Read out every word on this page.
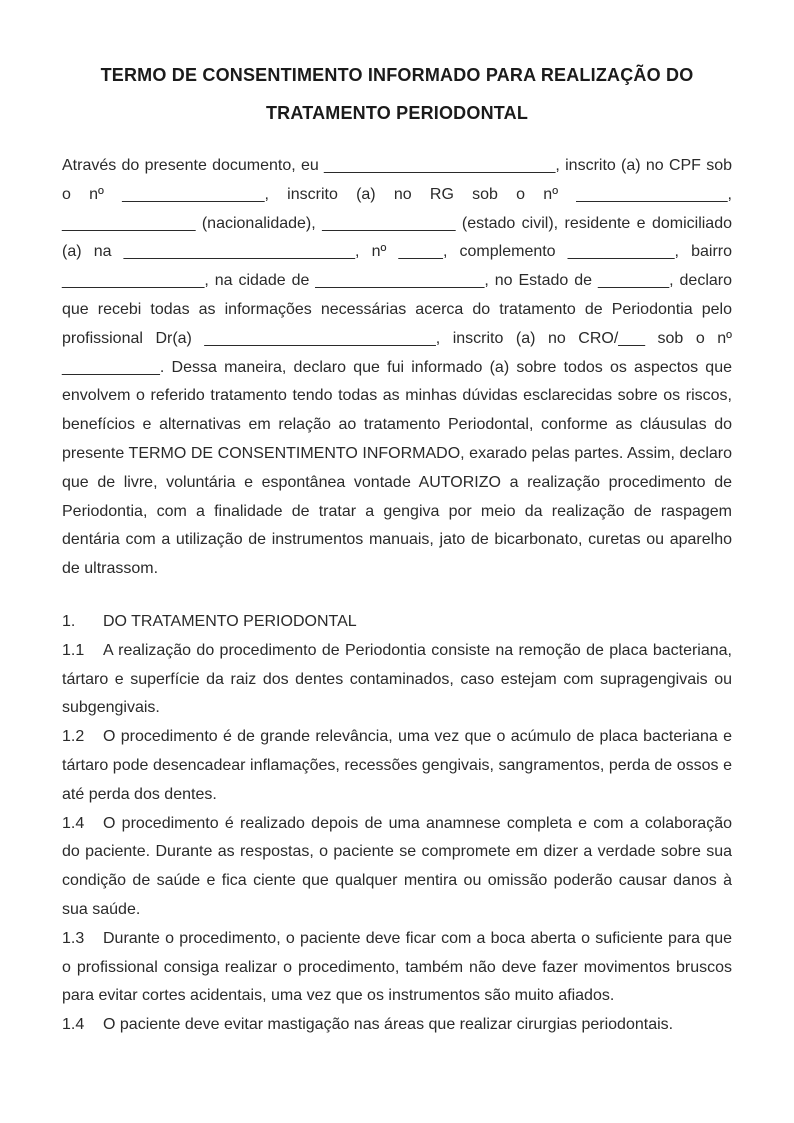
TERMO DE CONSENTIMENTO INFORMADO PARA REALIZAÇÃO DO TRATAMENTO PERIODONTAL

Através do presente documento, eu __________________________, inscrito (a) no CPF sob o nº ________________, inscrito (a) no RG sob o nº _________________, _______________ (nacionalidade), _______________ (estado civil), residente e domiciliado (a) na __________________________, nº _____, complemento ____________, bairro ________________, na cidade de ___________________, no Estado de ________, declaro que recebi todas as informações necessárias acerca do tratamento de Periodontia pelo profissional Dr(a) __________________________, inscrito (a) no CRO/___ sob o nº ___________. Dessa maneira, declaro que fui informado (a) sobre todos os aspectos que envolvem o referido tratamento tendo todas as minhas dúvidas esclarecidas sobre os riscos, benefícios e alternativas em relação ao tratamento Periodontal, conforme as cláusulas do presente TERMO DE CONSENTIMENTO INFORMADO, exarado pelas partes. Assim, declaro que de livre, voluntária e espontânea vontade AUTORIZO a realização procedimento de Periodontia, com a finalidade de tratar a gengiva por meio da realização de raspagem dentária com a utilização de instrumentos manuais, jato de bicarbonato, curetas ou aparelho de ultrassom.

1. DO TRATAMENTO PERIODONTAL

1.1 A realização do procedimento de Periodontia consiste na remoção de placa bacteriana, tártaro e superfície da raiz dos dentes contaminados, caso estejam com supragengivais ou subgengivais.

1.2 O procedimento é de grande relevância, uma vez que o acúmulo de placa bacteriana e tártaro pode desencadear inflamações, recessões gengivais, sangramentos, perda de ossos e até perda dos dentes.

1.4 O procedimento é realizado depois de uma anamnese completa e com a colaboração do paciente. Durante as respostas, o paciente se compromete em dizer a verdade sobre sua condição de saúde e fica ciente que qualquer mentira ou omissão poderão causar danos à sua saúde.

1.3 Durante o procedimento, o paciente deve ficar com a boca aberta o suficiente para que o profissional consiga realizar o procedimento, também não deve fazer movimentos bruscos para evitar cortes acidentais, uma vez que os instrumentos são muito afiados.

1.4 O paciente deve evitar mastigação nas áreas que realizar cirurgias periodontais.
